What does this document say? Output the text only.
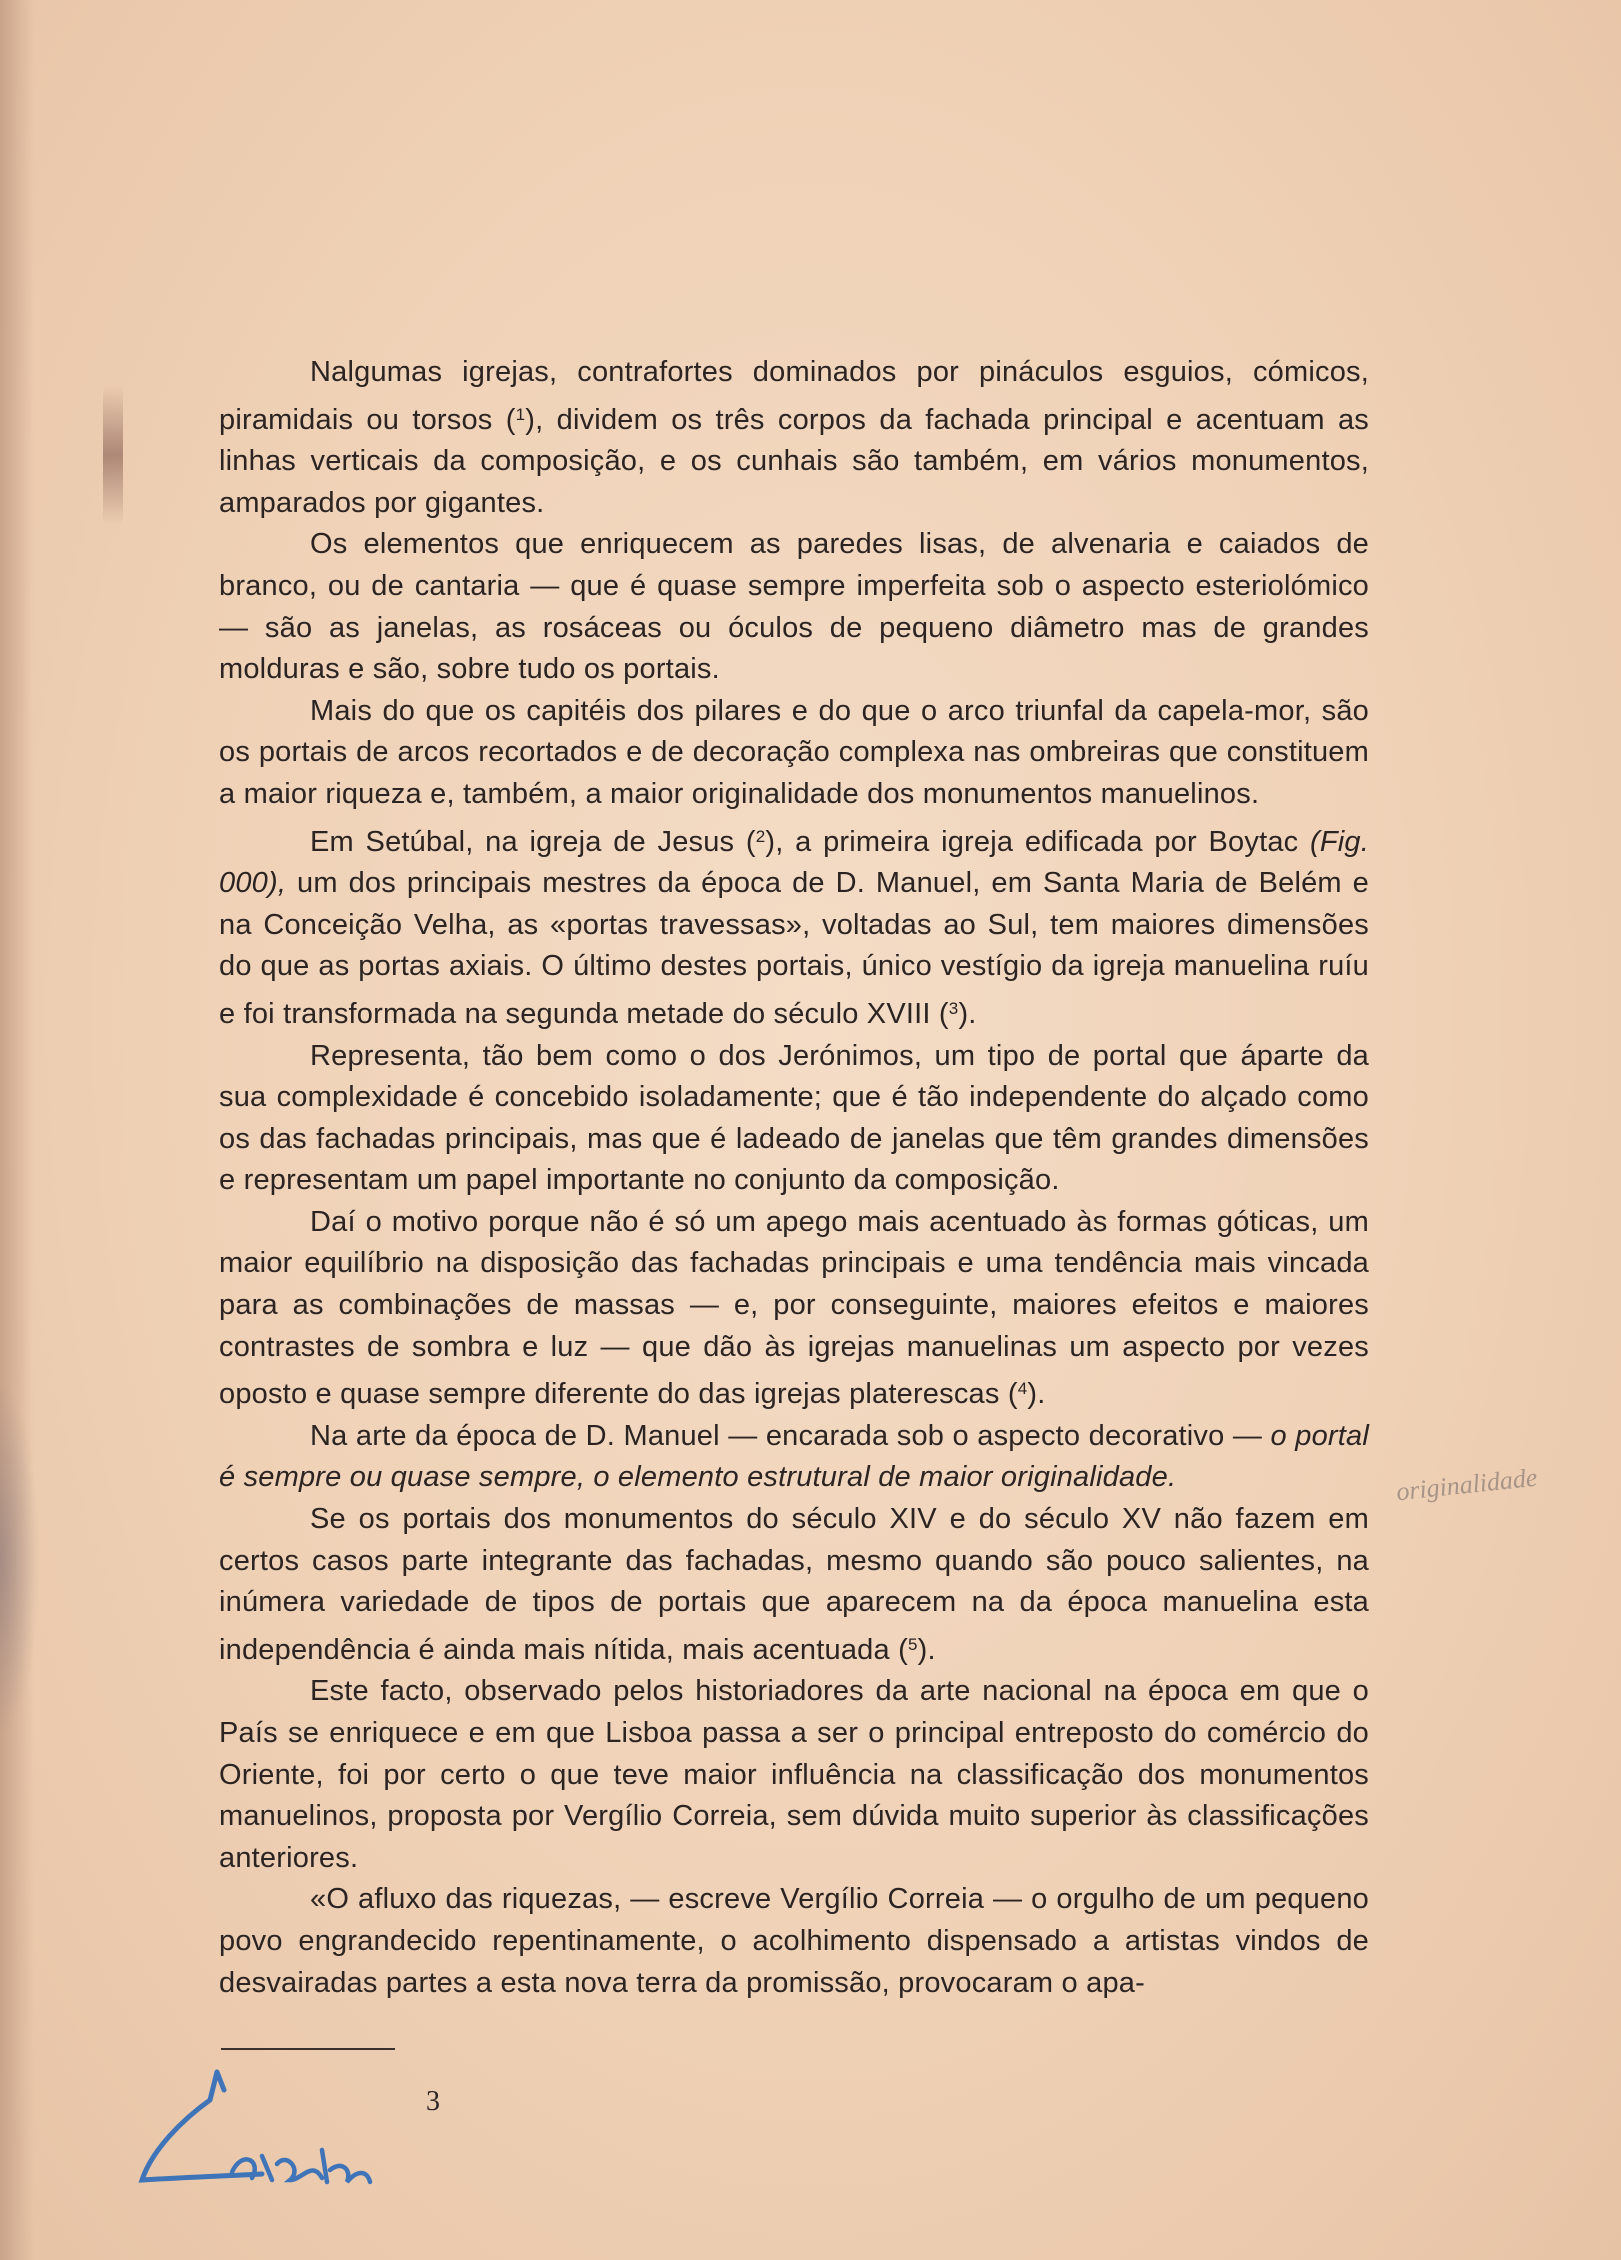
Nalgumas igrejas, contrafortes dominados por pináculos esguios, cómicos, piramidais ou torsos ($^1$), dividem os três corpos da fachada principal e acentuam as linhas verticais da composição, e os cunhais são também, em vários monumentos, amparados por gigantes.

Os elementos que enriquecem as paredes lisas, de alvenaria e caiados de branco, ou de cantaria — que é quase sempre imperfeita sob o aspecto esteriolómico — são as janelas, as rosáceas ou óculos de pequeno diâmetro mas de grandes molduras e são, sobre tudo os portais.

Mais do que os capitéis dos pilares e do que o arco triunfal da capela-mor, são os portais de arcos recortados e de decoração complexa nas ombreiras que constituem a maior riqueza e, também, a maior originalidade dos monumentos manuelinos.

Em Setúbal, na igreja de Jesus ($^2$), a primeira igreja edificada por Boytac (Fig. 000), um dos principais mestres da época de D. Manuel, em Santa Maria de Belém e na Conceição Velha, as «portas travessas», voltadas ao Sul, tem maiores dimensões do que as portas axiais. O último destes portais, único vestígio da igreja manuelina ruíu e foi transformada na segunda metade do século XVIII ($^3$).

Representa, tão bem como o dos Jerónimos, um tipo de portal que áparte da sua complexidade é concebido isoladamente; que é tão independente do alçado como os das fachadas principais, mas que é ladeado de janelas que têm grandes dimensões e representam um papel importante no conjunto da composição.

Daí o motivo porque não é só um apego mais acentuado às formas góticas, um maior equilíbrio na disposição das fachadas principais e uma tendência mais vincada para as combinações de massas — e, por conseguinte, maiores efeitos e maiores contrastes de sombra e luz — que dão às igrejas manuelinas um aspecto por vezes oposto e quase sempre diferente do das igrejas platerescas ($^4$).

Na arte da época de D. Manuel — encarada sob o aspecto decorativo — o portal é sempre ou quase sempre, o elemento estrutural de maior originalidade.

Se os portais dos monumentos do século XIV e do século XV não fazem em certos casos parte integrante das fachadas, mesmo quando são pouco salientes, na inúmera variedade de tipos de portais que aparecem na da época manuelina esta independência é ainda mais nítida, mais acentuada ($^5$).

Este facto, observado pelos historiadores da arte nacional na época em que o País se enriquece e em que Lisboa passa a ser o principal entreposto do comércio do Oriente, foi por certo o que teve maior influência na classificação dos monumentos manuelinos, proposta por Vergílio Correia, sem dúvida muito superior às classificações anteriores.

«O afluxo das riquezas, — escreve Vergílio Correia — o orgulho de um pequeno povo engrandecido repentinamente, o acolhimento dispensado a artistas vindos de desvairadas partes a esta nova terra da promissão, provocaram o apa-

originalidade
3
